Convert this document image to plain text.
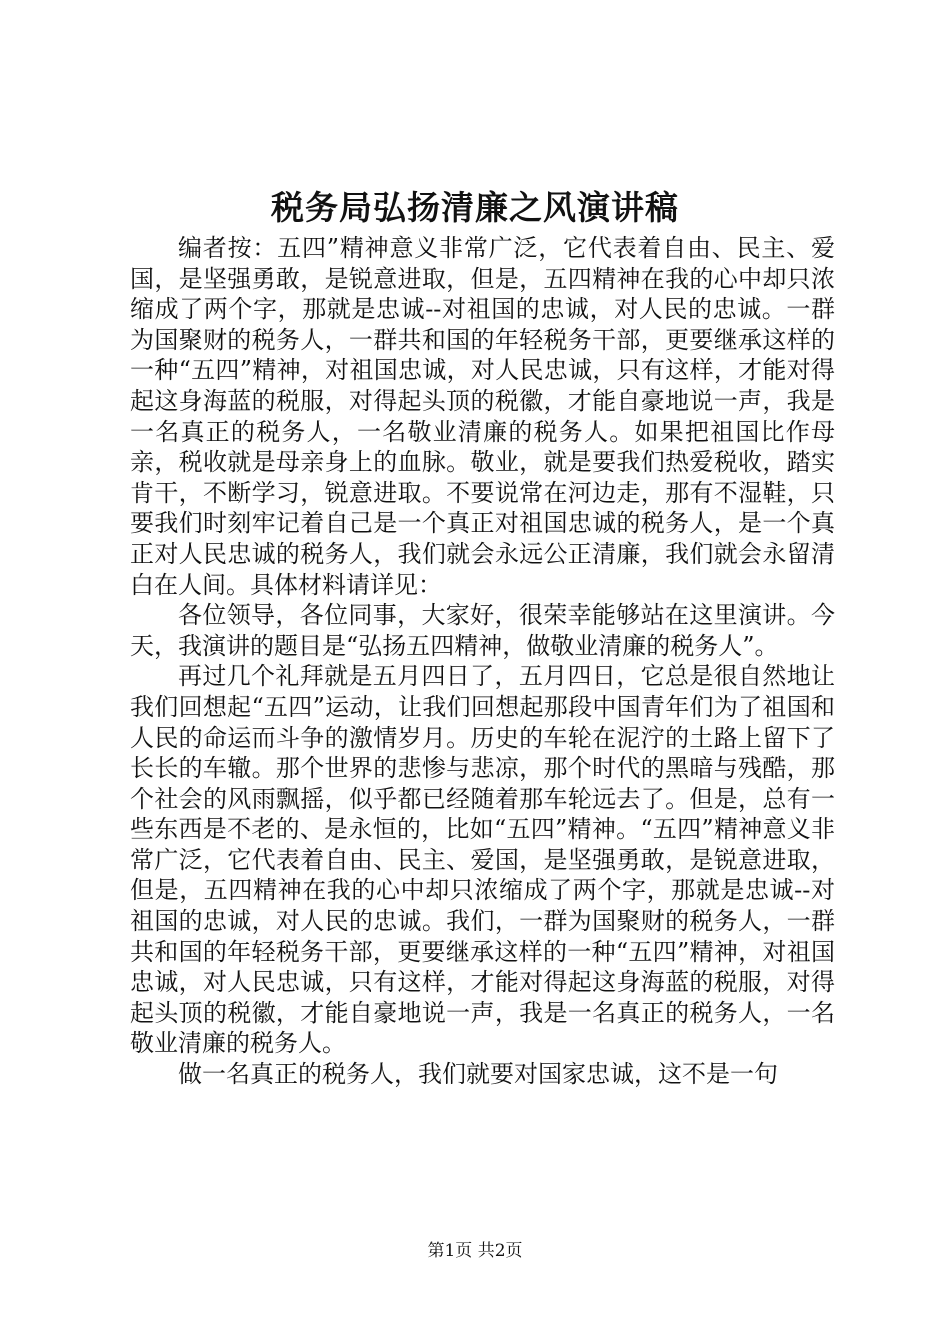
税务局弘扬清廉之风演讲稿

编者按：五四”精神意义非常广泛，它代表着自由、民主、爱国，是坚强勇敢，是锐意进取，但是，五四精神在我的心中却只浓缩成了两个字，那就是忠诚--对祖国的忠诚，对人民的忠诚。一群为国聚财的税务人，一群共和国的年轻税务干部，更要继承这样的一种“五四”精神，对祖国忠诚，对人民忠诚，只有这样，才能对得起这身海蓝的税服，对得起头顶的税徽，才能自豪地说一声，我是一名真正的税务人，一名敬业清廉的税务人。如果把祖国比作母亲，税收就是母亲身上的血脉。敬业，就是要我们热爱税收，踏实肯干，不断学习，锐意进取。不要说常在河边走，那有不湿鞋，只要我们时刻牢记着自己是一个真正对祖国忠诚的税务人，是一个真正对人民忠诚的税务人，我们就会永远公正清廉，我们就会永留清白在人间。具体材料请详见：

各位领导，各位同事，大家好，很荣幸能够站在这里演讲。今天，我演讲的题目是“弘扬五四精神，做敬业清廉的税务人”。

再过几个礼拜就是五月四日了，五月四日，它总是很自然地让我们回想起“五四”运动，让我们回想起那段中国青年们为了祖国和人民的命运而斗争的激情岁月。历史的车轮在泥泞的土路上留下了长长的车辙。那个世界的悲惨与悲凉，那个时代的黑暗与残酷，那个社会的风雨飘摇，似乎都已经随着那车轮远去了。但是，总有一些东西是不老的、是永恒的，比如“五四”精神。“五四”精神意义非常广泛，它代表着自由、民主、爱国，是坚强勇敢，是锐意进取，但是，五四精神在我的心中却只浓缩成了两个字，那就是忠诚--对祖国的忠诚，对人民的忠诚。我们，一群为国聚财的税务人，一群共和国的年轻税务干部，更要继承这样的一种“五四”精神，对祖国忠诚，对人民忠诚，只有这样，才能对得起这身海蓝的税服，对得起头顶的税徽，才能自豪地说一声，我是一名真正的税务人，一名敬业清廉的税务人。

做一名真正的税务人，我们就要对国家忠诚，这不是一句

第1页 共2页
